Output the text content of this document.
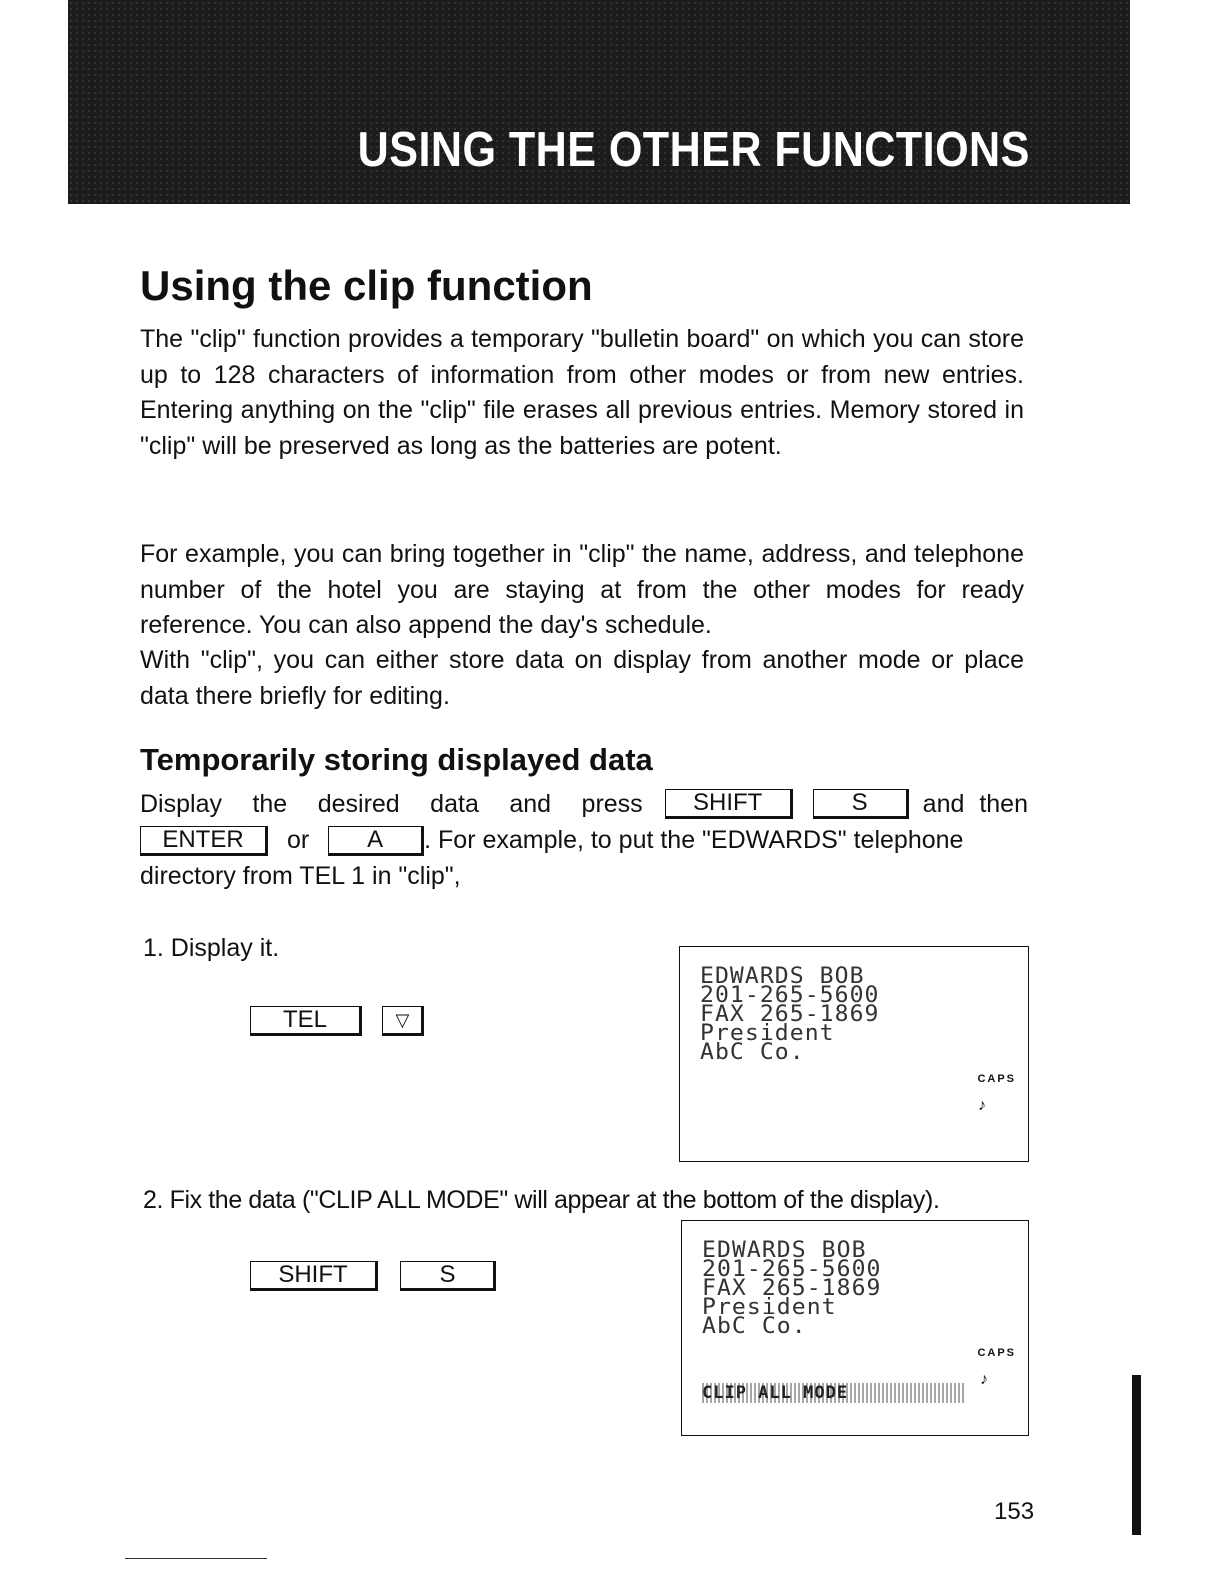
USING THE OTHER FUNCTIONS
Using the clip function

The "clip" function provides a temporary "bulletin board" on which you can store up to 128 characters of information from other modes or from new entries. Entering anything on the "clip" file erases all previous entries. Memory stored in "clip" will be preserved as long as the batteries are potent.

For example, you can bring together in "clip" the name, address, and telephone number of the hotel you are staying at from the other modes for ready reference. You can also append the day's schedule.

With "clip", you can either store data on display from another mode or place data there briefly for editing.

Temporarily storing displayed data
Display the desired data and press	SHIFT	S	and then
ENTER or A . For example, to put the "EDWARDS" telephone
directory from TEL 1 in "clip",

1. Display it.

TEL	▽
EDWARDS BOB
201-265-5600
FAX 265-1869
President
AbC Co.
CAPS
♪

2. Fix the data ("CLIP ALL MODE" will appear at the bottom of the display).

SHIFT	S
EDWARDS BOB
201-265-5600
FAX 265-1869
President
AbC Co.
CAPS
♪
CLIP ALL MODE
153
